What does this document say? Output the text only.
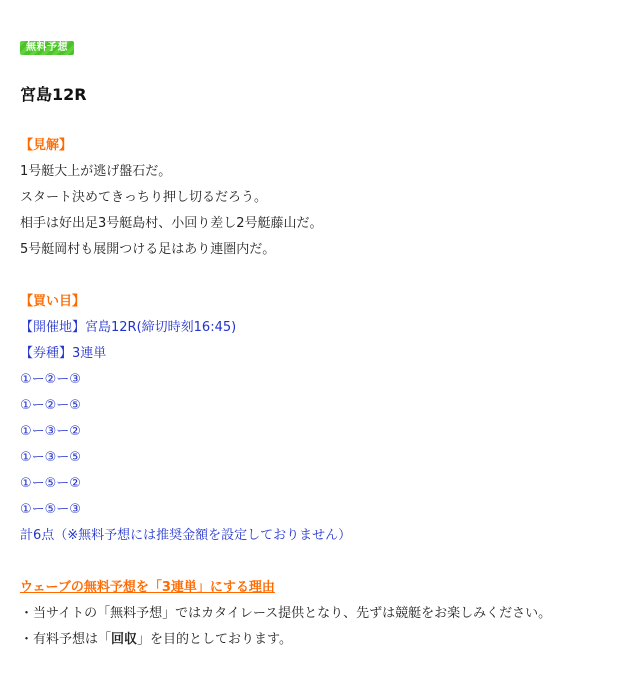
無料予想
宮島12R
【見解】
1号艇大上が逃げ盤石だ。
スタート決めてきっちり押し切るだろう。
相手は好出足3号艇島村、小回り差し2号艇藤山だ。
5号艇岡村も展開つける足はあり連圏内だ。
【買い目】
【開催地】宮島12R(締切時刻16:45)
【券種】3連単
①ー②ー③
①ー②ー⑤
①ー③ー②
①ー③ー⑤
①ー⑤ー②
①ー⑤ー③
計6点（※無料予想には推奨金額を設定しておりません）
ウェーブの無料予想を「3連単」にする理由
・当サイトの「無料予想」ではカタイレース提供となり、先ずは競艇をお楽しみください。
・有料予想は「回収」を目的としております。
